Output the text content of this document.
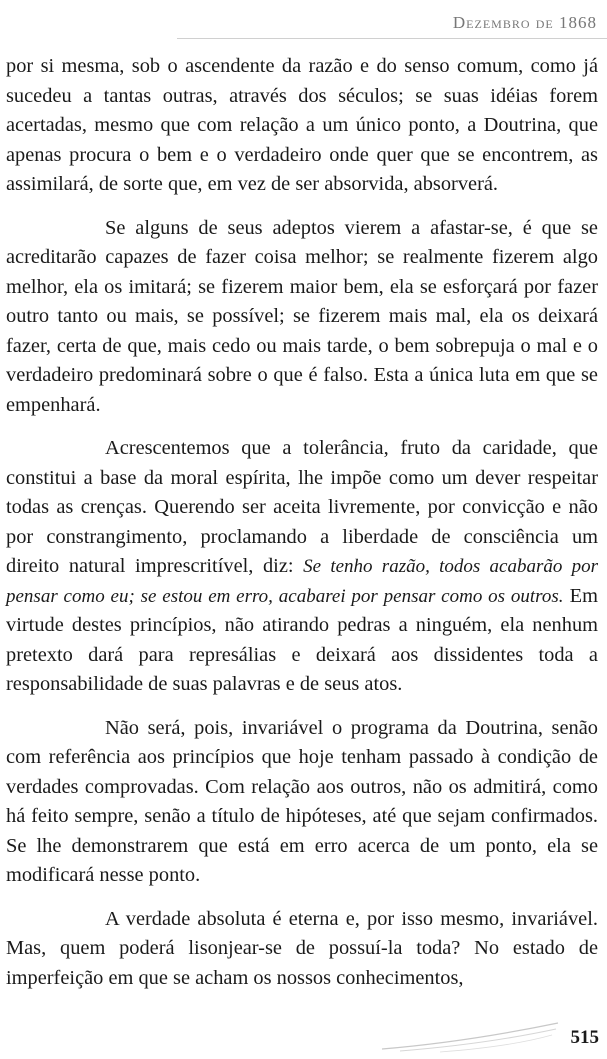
Dezembro de 1868

por si mesma, sob o ascendente da razão e do senso comum, como já sucedeu a tantas outras, através dos séculos; se suas idéias forem acertadas, mesmo que com relação a um único ponto, a Doutrina, que apenas procura o bem e o verdadeiro onde quer que se encontrem, as assimilará, de sorte que, em vez de ser absorvida, absorverá.

Se alguns de seus adeptos vierem a afastar-se, é que se acreditarão capazes de fazer coisa melhor; se realmente fizerem algo melhor, ela os imitará; se fizerem maior bem, ela se esforçará por fazer outro tanto ou mais, se possível; se fizerem mais mal, ela os deixará fazer, certa de que, mais cedo ou mais tarde, o bem sobrepuja o mal e o verdadeiro predominará sobre o que é falso. Esta a única luta em que se empenhará.

Acrescentemos que a tolerância, fruto da caridade, que constitui a base da moral espírita, lhe impõe como um dever respeitar todas as crenças. Querendo ser aceita livremente, por convicção e não por constrangimento, proclamando a liberdade de consciência um direito natural imprescritível, diz: Se tenho razão, todos acabarão por pensar como eu; se estou em erro, acabarei por pensar como os outros. Em virtude destes princípios, não atirando pedras a ninguém, ela nenhum pretexto dará para represálias e deixará aos dissidentes toda a responsabilidade de suas palavras e de seus atos.

Não será, pois, invariável o programa da Doutrina, senão com referência aos princípios que hoje tenham passado à condição de verdades comprovadas. Com relação aos outros, não os admitirá, como há feito sempre, senão a título de hipóteses, até que sejam confirmados. Se lhe demonstrarem que está em erro acerca de um ponto, ela se modificará nesse ponto.

A verdade absoluta é eterna e, por isso mesmo, invariável. Mas, quem poderá lisonjear-se de possuí-la toda? No estado de imperfeição em que se acham os nossos conhecimentos,

515
